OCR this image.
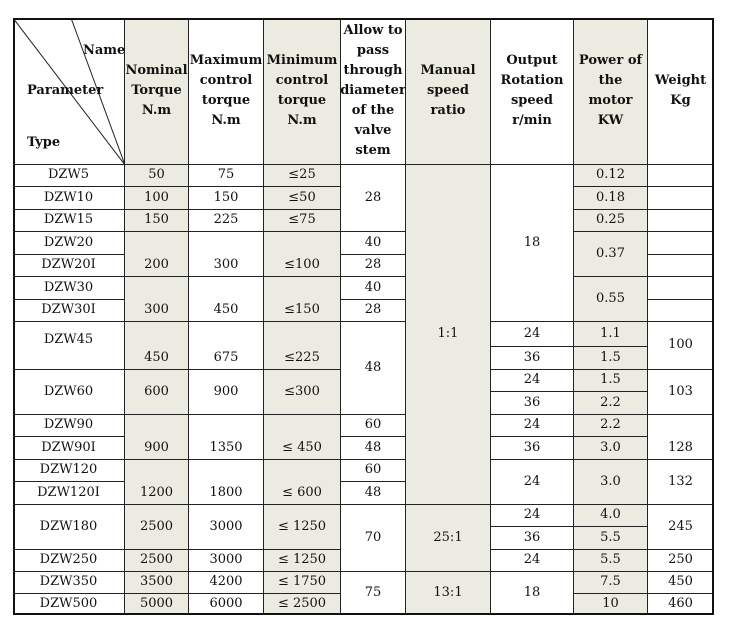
Name
Parameter
Type
Nominal Torque N.m
Maximum control torque N.m
Minimum control torque N.m
Allow to pass through diameter of the valve stem
Manual speed ratio
Output Rotation speed r/min
Power of the motor KW
Weight Kg
DZW5
DZW10
DZW15
DZW20
DZW20I
DZW30
DZW30I
DZW45
DZW60
DZW90
DZW90I
DZW120
DZW120I
DZW180
DZW250
DZW350
DZW500
50
100
150
200
300
450
600
900
1200
2500
2500
3500
5000
75
150
225
300
450
675
900
1350
1800
3000
3000
4200
6000
≤25
≤50
≤75
≤100
≤150
≤225
≤300
≤ 450
≤ 600
≤ 1250
≤ 1250
≤ 1750
≤ 2500
28
40
28
40
28
48
60
48
60
48
70
75
1:1
25:1
13:1
18
24
36
24
36
24
36
24
24
36
24
18
0.12
0.18
0.25
0.37
0.55
1.1
1.5
1.5
2.2
2.2
3.0
3.0
4.0
5.5
5.5
7.5
10
100
103
128
132
245
250
450
460
